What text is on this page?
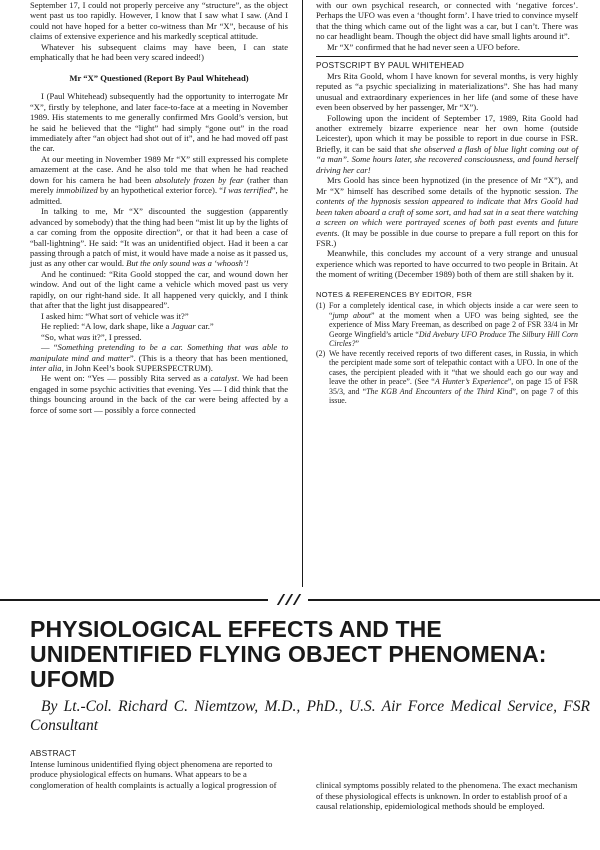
September 17, I could not properly perceive any “structure”, as the object went past us too rapidly. However, I know that I saw what I saw. (And I could not have hoped for a better co-witness than Mr “X”, because of his claims of extensive experience and his markedly sceptical attitude.

Whatever his subsequent claims may have been, I can state emphatically that he had been very scared indeed!)

Mr “X” Questioned (Report By Paul Whitehead)

I (Paul Whitehead) subsequently had the opportunity to interrogate Mr “X”, firstly by telephone, and later face-to-face at a meeting in November 1989. His statements to me generally confirmed Mrs Goold’s version, but he said he believed that the “light” had simply “gone out” in the road immediately after “an object had shot out of it”, and he had moved off past the car.

At our meeting in November 1989 Mr “X” still expressed his complete amazement at the case. And he also told me that when he had reached down for his camera he had been absolutely frozen by fear (rather than merely immobilized by an hypothetical exterior force). “I was terrified”, he admitted.

In talking to me, Mr “X” discounted the suggestion (apparently advanced by somebody) that the thing had been “mist lit up by the lights of a car coming from the opposite direction”, or that it had been a case of “ball-lightning”. He said: “It was an unidentified object. Had it been a car passing through a patch of mist, it would have made a noise as it passed us, just as any other car would. But the only sound was a ‘whoosh’!

And he continued: “Rita Goold stopped the car, and wound down her window. And out of the light came a vehicle which moved past us very rapidly, on our right-hand side. It all happened very quickly, and I think that after that the light just disappeared”.

I asked him: “What sort of vehicle was it?”

He replied: “A low, dark shape, like a Jaguar car.”

“So, what was it?”, I pressed.

— “Something pretending to be a car. Something that was able to manipulate mind and matter”. (This is a theory that has been mentioned, inter alia, in John Keel’s book SUPERSPECTRUM).

He went on: “Yes — possibly Rita served as a catalyst. We had been engaged in some psychic activities that evening. Yes — I did think that the things bouncing around in the back of the car were being affected by a force of some sort — possibly a force connected

with our own psychical research, or connected with ‘negative forces’. Perhaps the UFO was even a ‘thought form’. I have tried to convince myself that the thing which came out of the light was a car, but I can’t. There was no car headlight beam. Though the object did have small lights around it”.

Mr “X” confirmed that he had never seen a UFO before.

POSTSCRIPT BY PAUL WHITEHEAD

Mrs Rita Goold, whom I have known for several months, is very highly reputed as “a psychic specializing in materializations”. She has had many unusual and extraordinary experiences in her life (and some of these have even been observed by her passenger, Mr “X”).

Following upon the incident of September 17, 1989, Rita Goold had another extremely bizarre experience near her own home (outside Leicester), upon which it may be possible to report in due course in FSR. Briefly, it can be said that she observed a flash of blue light coming out of “a man”. Some hours later, she recovered consciousness, and found herself driving her car!

Mrs Goold has since been hypnotized (in the presence of Mr “X”), and Mr “X” himself has described some details of the hypnotic session. The contents of the hypnosis session appeared to indicate that Mrs Goold had been taken aboard a craft of some sort, and had sat in a seat there watching a screen on which were portrayed scenes of both past events and future events. (It may be possible in due course to prepare a full report on this for FSR.)

Meanwhile, this concludes my account of a very strange and unusual experience which was reported to have occurred to two people in Britain. At the moment of writing (December 1989) both of them are still shaken by it.

NOTES & REFERENCES BY EDITOR, FSR

(1) For a completely identical case, in which objects inside a car were seen to “jump about” at the moment when a UFO was being sighted, see the experience of Miss Mary Freeman, as described on page 2 of FSR 33/4 in Mr George Wingfield’s article “Did Avebury UFO Produce The Silbury Hill Corn Circles?”
(2) We have recently received reports of two different cases, in Russia, in which the percipient made some sort of telepathic contact with a UFO. In one of the cases, the percipient pleaded with it “that we should each go our way and leave the other in peace”. (See “A Hunter’s Experience”, on page 15 of FSR 35/3, and “The KGB And Encounters of the Third Kind”, on page 7 of this issue.
PHYSIOLOGICAL EFFECTS AND THE UNIDENTIFIED FLYING OBJECT PHENOMENA: UFOMD

By Lt.-Col. Richard C. Niemtzow, M.D., PhD., U.S. Air Force Medical Service, FSR Consultant

ABSTRACT

Intense luminous unidentified flying object phenomena are reported to produce physiological effects on humans. What appears to be a conglomeration of health complaints is actually a logical progression of	clinical symptoms possibly related to the phenomena. The exact mechanism of these physiological effects is unknown. In order to establish proof of a causal relationship, epidemiological methods should be employed.
